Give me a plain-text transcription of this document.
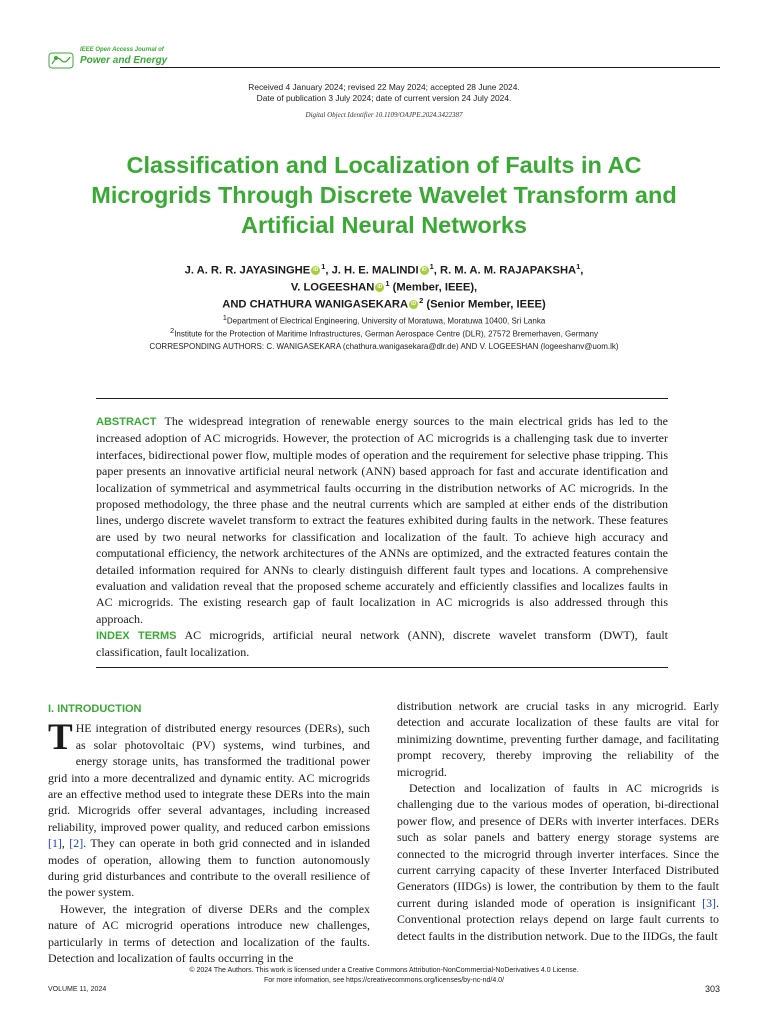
IEEE Open Access Journal of
Power and Energy
Received 4 January 2024; revised 22 May 2024; accepted 28 June 2024.
Date of publication 3 July 2024; date of current version 24 July 2024.
Digital Object Identifier 10.1109/OAJPE.2024.3422387
Classification and Localization of Faults in AC Microgrids Through Discrete Wavelet Transform and Artificial Neural Networks
J. A. R. R. JAYASINGHE iD $^1$, J. H. E. MALINDI iD $^1$, R. M. A. M. RAJAPAKSHA$^1$,
V. LOGEESHAN iD $^1$ (Member, IEEE),
AND CHATHURA WANIGASEKARA iD $^2$ (Senior Member, IEEE)
$^1$Department of Electrical Engineering, University of Moratuwa, Moratuwa 10400, Sri Lanka
$^2$Institute for the Protection of Maritime Infrastructures, German Aerospace Centre (DLR), 27572 Bremerhaven, Germany
CORRESPONDING AUTHORS: C. WANIGASEKARA (chathura.wanigasekara@dlr.de) AND V. LOGEESHAN (logeeshanv@uom.lk)
ABSTRACT The widespread integration of renewable energy sources to the main electrical grids has led to the increased adoption of AC microgrids. However, the protection of AC microgrids is a challenging task due to inverter interfaces, bidirectional power flow, multiple modes of operation and the requirement for selective phase tripping. This paper presents an innovative artificial neural network (ANN) based approach for fast and accurate identification and localization of symmetrical and asymmetrical faults occurring in the distribution networks of AC microgrids. In the proposed methodology, the three phase and the neutral currents which are sampled at either ends of the distribution lines, undergo discrete wavelet transform to extract the features exhibited during faults in the network. These features are used by two neural networks for classification and localization of the fault. To achieve high accuracy and computational efficiency, the network architectures of the ANNs are optimized, and the extracted features contain the detailed information required for ANNs to clearly distinguish different fault types and locations. A comprehensive evaluation and validation reveal that the proposed scheme accurately and efficiently classifies and localizes faults in AC microgrids. The existing research gap of fault localization in AC microgrids is also addressed through this approach.
INDEX TERMS AC microgrids, artificial neural network (ANN), discrete wavelet transform (DWT), fault classification, fault localization.
I. INTRODUCTION

THE integration of distributed energy resources (DERs), such as solar photovoltaic (PV) systems, wind turbines, and energy storage units, has transformed the traditional power grid into a more decentralized and dynamic entity. AC microgrids are an effective method used to integrate these DERs into the main grid. Microgrids offer several advantages, including increased reliability, improved power quality, and reduced carbon emissions [1], [2]. They can operate in both grid connected and in islanded modes of operation, allowing them to function autonomously during grid disturbances and contribute to the overall resilience of the power system.

However, the integration of diverse DERs and the complex nature of AC microgrid operations introduce new challenges, particularly in terms of detection and localization of the faults. Detection and localization of faults occurring in the

distribution network are crucial tasks in any microgrid. Early detection and accurate localization of these faults are vital for minimizing downtime, preventing further damage, and facilitating prompt recovery, thereby improving the reliability of the microgrid.

Detection and localization of faults in AC microgrids is challenging due to the various modes of operation, bi-directional power flow, and presence of DERs with inverter interfaces. DERs such as solar panels and battery energy storage systems are connected to the microgrid through inverter interfaces. Since the current carrying capacity of these Inverter Interfaced Distributed Generators (IIDGs) is lower, the contribution by them to the fault current during islanded mode of operation is insignificant [3]. Conventional protection relays depend on large fault currents to detect faults in the distribution network. Due to the IIDGs, the fault

© 2024 The Authors. This work is licensed under a Creative Commons Attribution-NonCommercial-NoDerivatives 4.0 License.
For more information, see https://creativecommons.org/licenses/by-nc-nd/4.0/
VOLUME 11, 2024	303
